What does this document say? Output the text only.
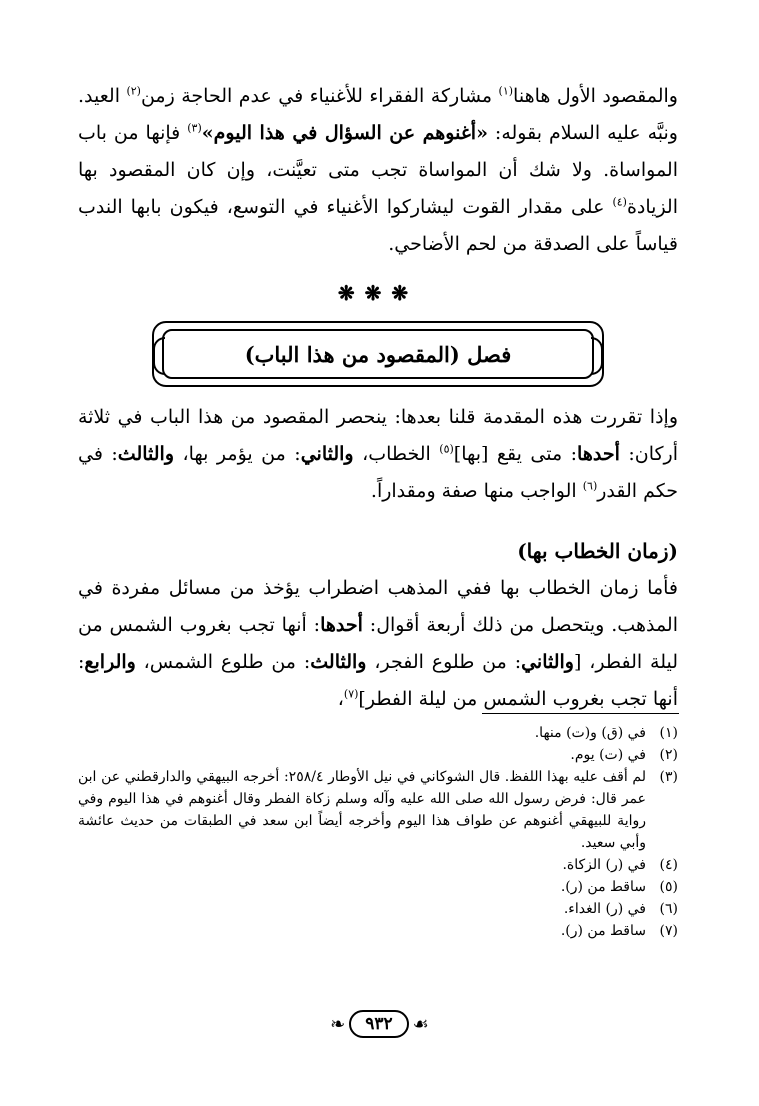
والمقصود الأول هاهنا$^{(١)}$ مشاركة الفقراء للأغنياء في عدم الحاجة زمن$^{(٢)}$ العيد. ونبَّه عليه السلام بقوله: «أغنوهم عن السؤال في هذا اليوم»$^{(٣)}$ فإنها من باب المواساة. ولا شك أن المواساة تجب متى تعيَّنت، وإن كان المقصود بها الزيادة$^{(٤)}$ على مقدار القوت ليشاركوا الأغنياء في التوسع، فيكون بابها الندب قياساً على الصدقة من لحم الأضاحي.

❋❋❋
فصل (المقصود من هذا الباب)

وإذا تقررت هذه المقدمة قلنا بعدها: ينحصر المقصود من هذا الباب في ثلاثة أركان: أحدها: متى يقع [بها]$^{(٥)}$ الخطاب، والثاني: من يؤمر بها، والثالث: في حكم القدر$^{(٦)}$ الواجب منها صفة ومقداراً.

(زمان الخطاب بها)

فأما زمان الخطاب بها ففي المذهب اضطراب يؤخذ من مسائل مفردة في المذهب. ويتحصل من ذلك أربعة أقوال: أحدها: أنها تجب بغروب الشمس من ليلة الفطر، [والثاني: من طلوع الفجر، والثالث: من طلوع الشمس، والرابع: أنها تجب بغروب الشمس من ليلة الفطر]$^{(٧)}$،

(١)
في (ق) و(ت) منها.
(٢)
في (ت) يوم.
(٣)
لم أقف عليه بهذا اللفظ. قال الشوكاني في نيل الأوطار ٢٥٨/٤: أخرجه البيهقي والدارقطني عن ابن عمر قال: فرض رسول الله صلى الله عليه وآله وسلم زكاة الفطر وقال أغنوهم في هذا اليوم وفي رواية للبيهقي أغنوهم عن طواف هذا اليوم وأخرجه أيضاً ابن سعد في الطبقات من حديث عائشة وأبي سعيد.
(٤)
في (ر) الزكاة.
(٥)
ساقط من (ر).
(٦)
في (ر) الغداء.
(٧)
ساقط من (ر).
❧	٩٣٢	☙
